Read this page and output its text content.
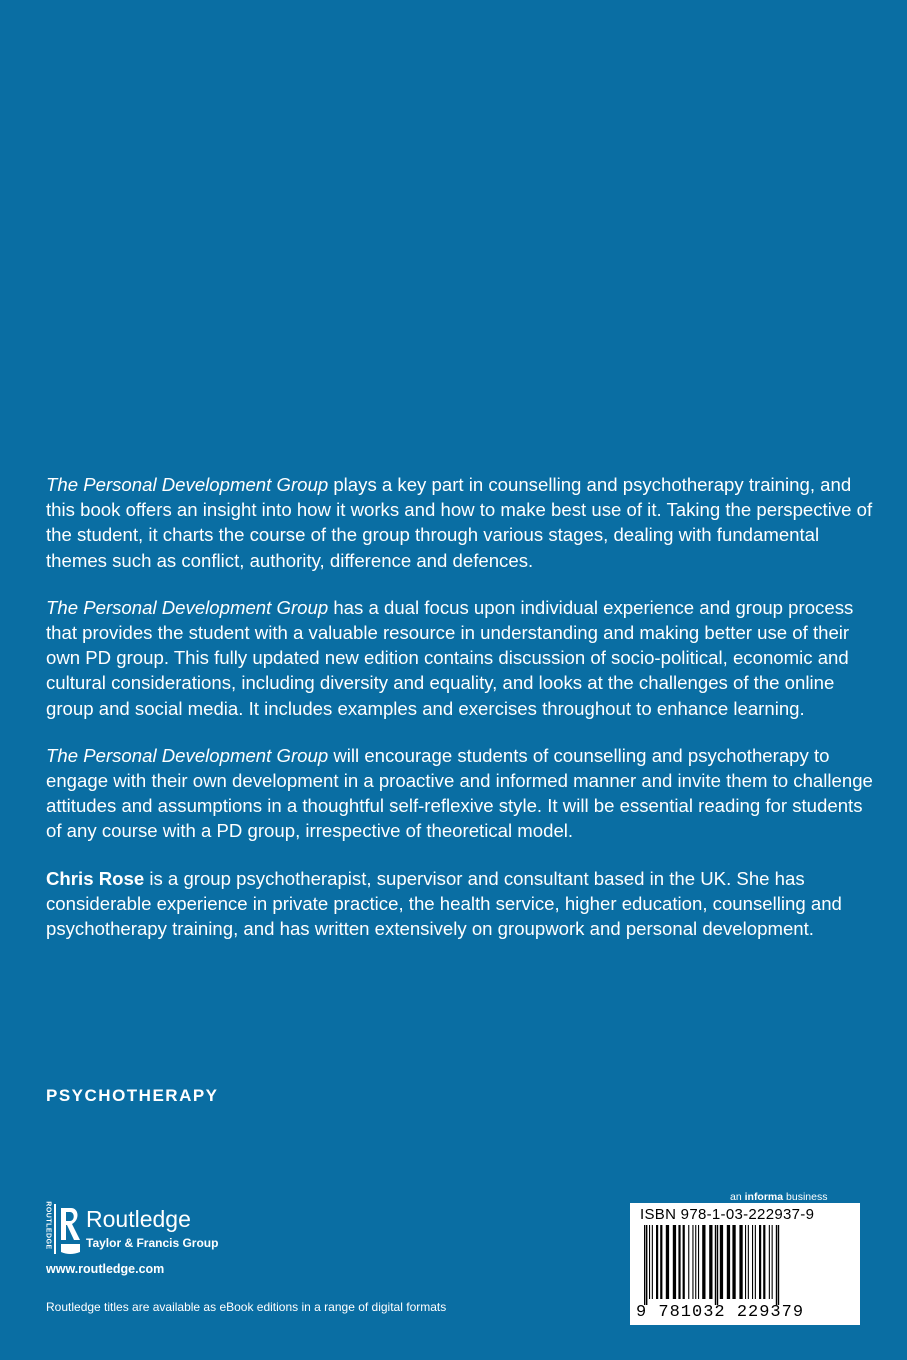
The Personal Development Group plays a key part in counselling and psychotherapy training, and this book offers an insight into how it works and how to make best use of it. Taking the perspective of the student, it charts the course of the group through various stages, dealing with fundamental themes such as conflict, authority, difference and defences.

The Personal Development Group has a dual focus upon individual experience and group process that provides the student with a valuable resource in understanding and making better use of their own PD group. This fully updated new edition contains discussion of socio-political, economic and cultural considerations, including diversity and equality, and looks at the challenges of the online group and social media. It includes examples and exercises throughout to enhance learning.

The Personal Development Group will encourage students of counselling and psychotherapy to engage with their own development in a proactive and informed manner and invite them to challenge attitudes and assumptions in a thoughtful self-reflexive style. It will be essential reading for students of any course with a PD group, irrespective of theoretical model.

Chris Rose is a group psychotherapist, supervisor and consultant based in the UK. She has considerable experience in private practice, the health service, higher education, counselling and psychotherapy training, and has written extensively on groupwork and personal development.

PSYCHOTHERAPY
ROUTLEDGE Routledge
Taylor & Francis Group
www.routledge.com
Routledge titles are available as eBook editions in a range of digital formats
an informa business
ISBN 978-1-03-222937-9
9 781032 229379
